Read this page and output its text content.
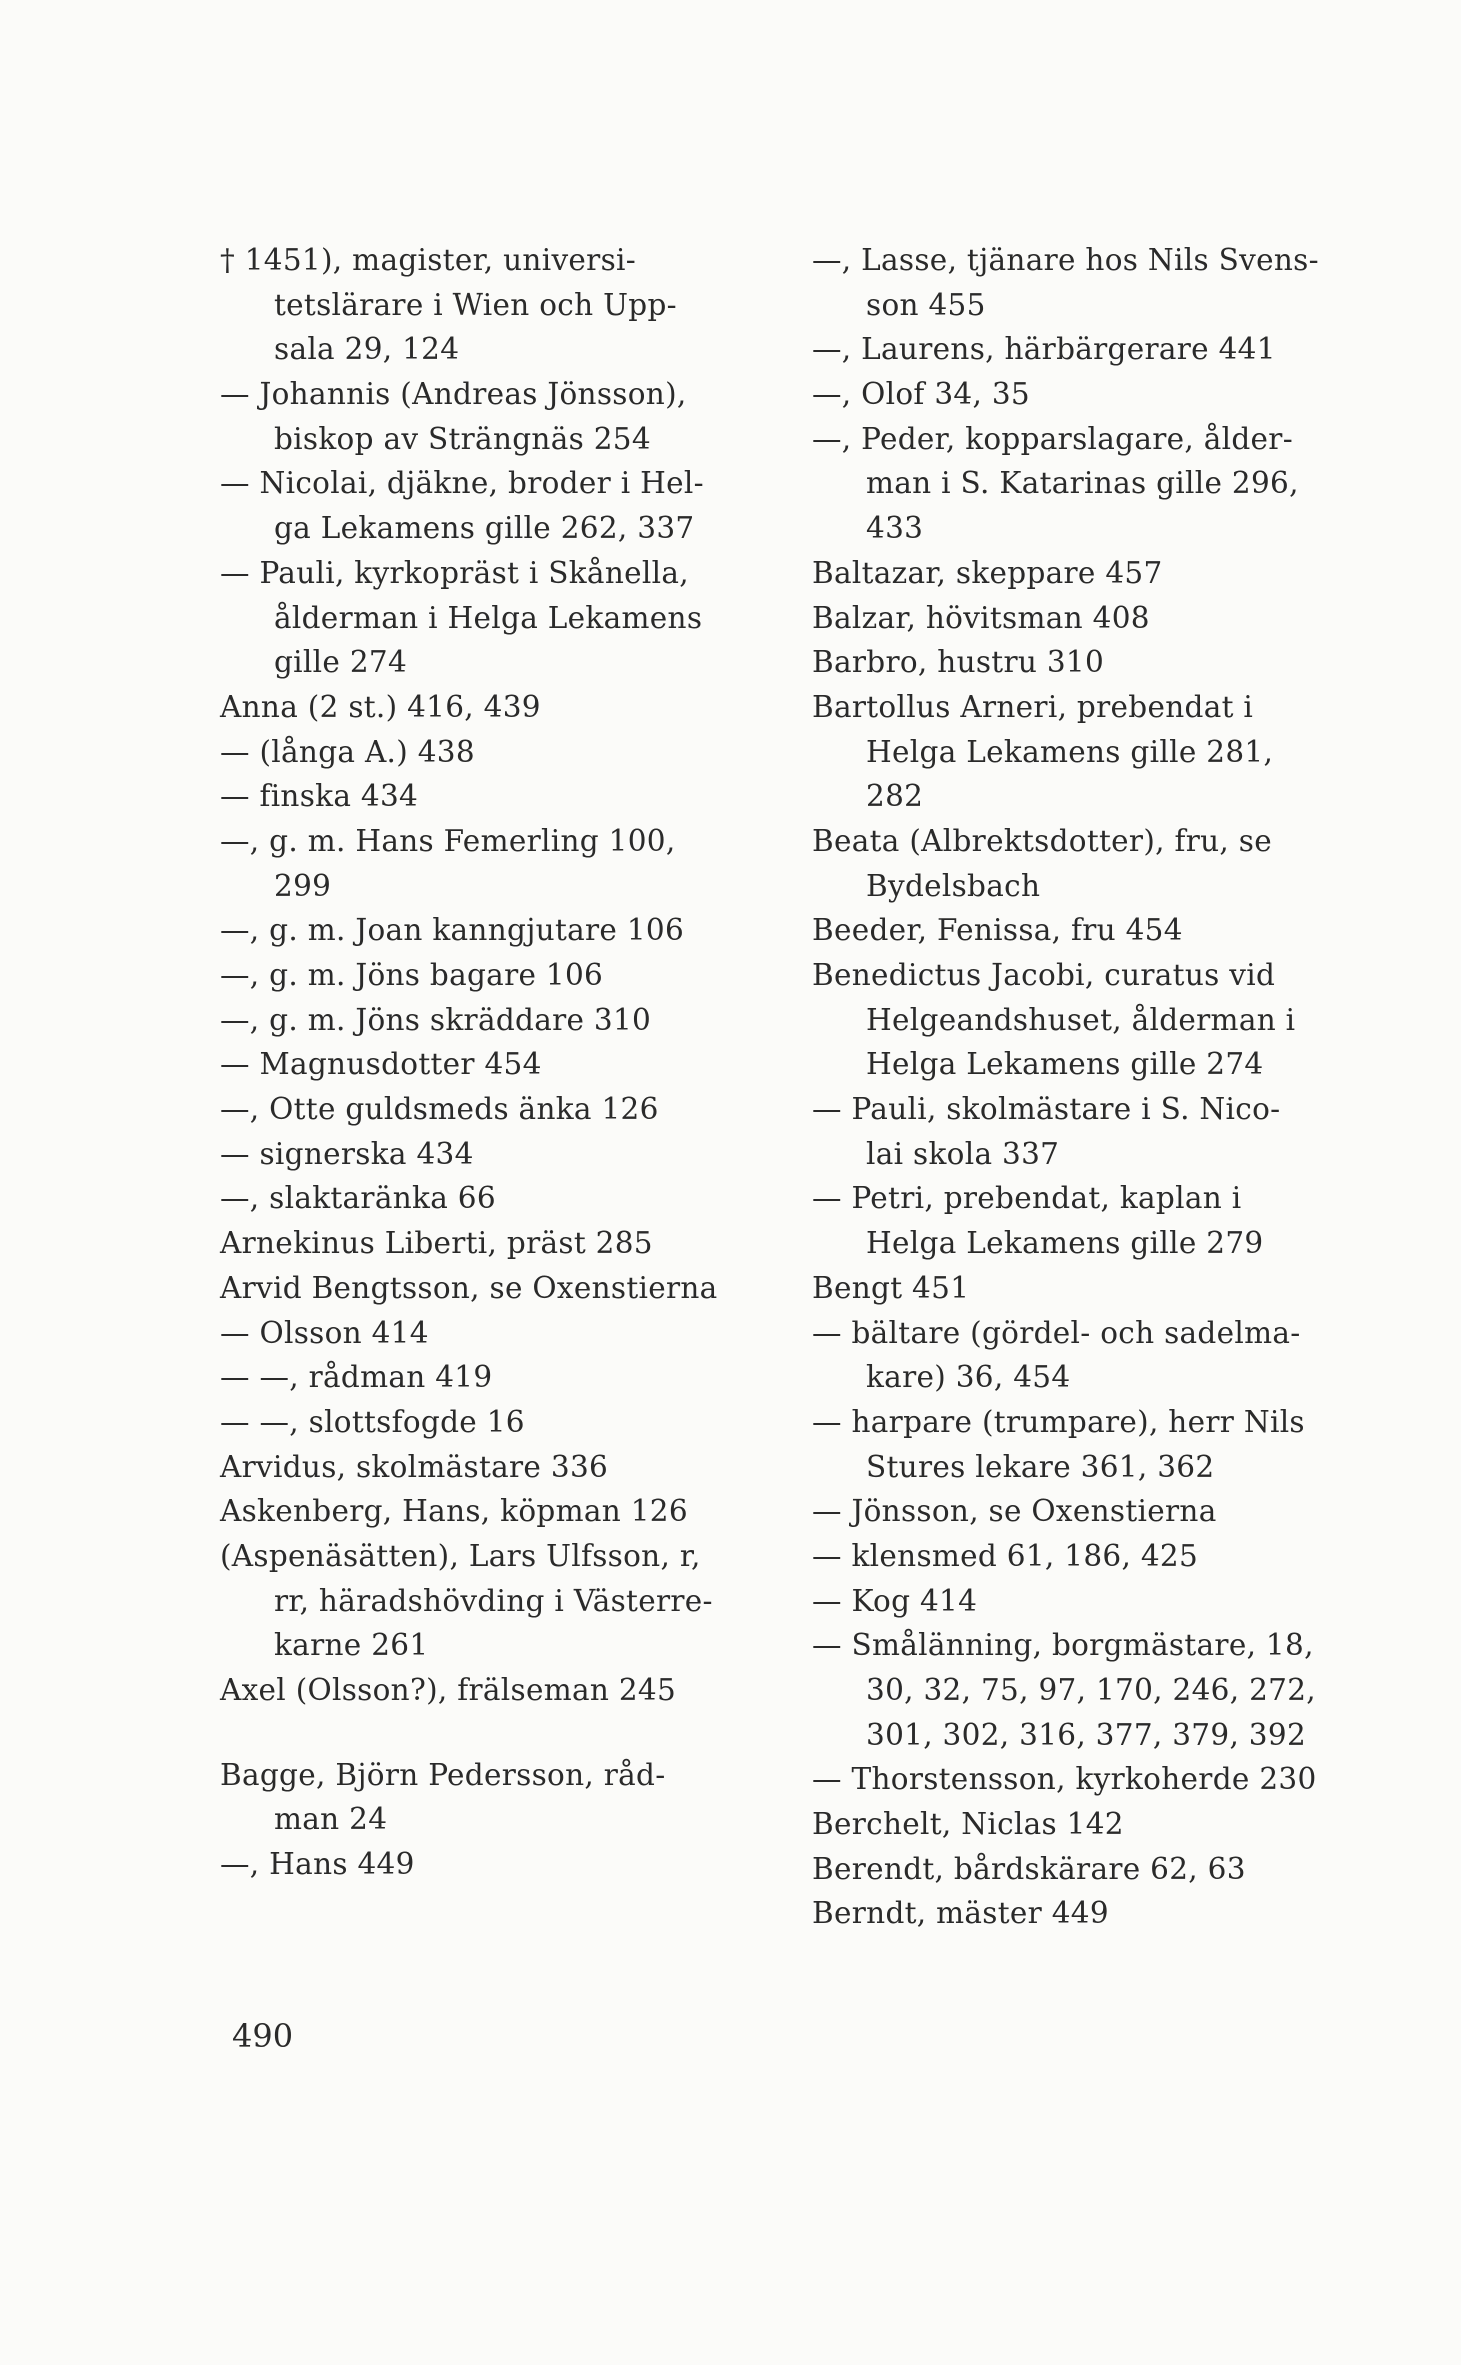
† 1451), magister, universi-
tetslärare i Wien och Upp-
sala 29, 124
— Johannis (Andreas Jönsson),
biskop av Strängnäs 254
— Nicolai, djäkne, broder i Hel-
ga Lekamens gille 262, 337
— Pauli, kyrkopräst i Skånella,
ålderman i Helga Lekamens
gille 274
Anna (2 st.) 416, 439
— (långa A.) 438
— finska 434
—, g. m. Hans Femerling 100,
299
—, g. m. Joan kanngjutare 106
—, g. m. Jöns bagare 106
—, g. m. Jöns skräddare 310
— Magnusdotter 454
—, Otte guldsmeds änka 126
— signerska 434
—, slaktaränka 66
Arnekinus Liberti, präst 285
Arvid Bengtsson, se Oxenstierna
— Olsson 414
— —, rådman 419
— —, slottsfogde 16
Arvidus, skolmästare 336
Askenberg, Hans, köpman 126
(Aspenäsätten), Lars Ulfsson, r,
rr, häradshövding i Västerre-
karne 261
Axel (Olsson?), frälseman 245
Bagge, Björn Pedersson, råd-
man 24
—, Hans 449
—, Lasse, tjänare hos Nils Svens-
son 455
—, Laurens, härbärgerare 441
—, Olof 34, 35
—, Peder, kopparslagare, ålder-
man i S. Katarinas gille 296,
433
Baltazar, skeppare 457
Balzar, hövitsman 408
Barbro, hustru 310
Bartollus Arneri, prebendat i
Helga Lekamens gille 281,
282
Beata (Albrektsdotter), fru, se
Bydelsbach
Beeder, Fenissa, fru 454
Benedictus Jacobi, curatus vid
Helgeandshuset, ålderman i
Helga Lekamens gille 274
— Pauli, skolmästare i S. Nico-
lai skola 337
— Petri, prebendat, kaplan i
Helga Lekamens gille 279
Bengt 451
— bältare (gördel- och sadelma-
kare) 36, 454
— harpare (trumpare), herr Nils
Stures lekare 361, 362
— Jönsson, se Oxenstierna
— klensmed 61, 186, 425
— Kog 414
— Smålänning, borgmästare, 18,
30, 32, 75, 97, 170, 246, 272,
301, 302, 316, 377, 379, 392
— Thorstensson, kyrkoherde 230
Berchelt, Niclas 142
Berendt, bårdskärare 62, 63
Berndt, mäster 449
490
